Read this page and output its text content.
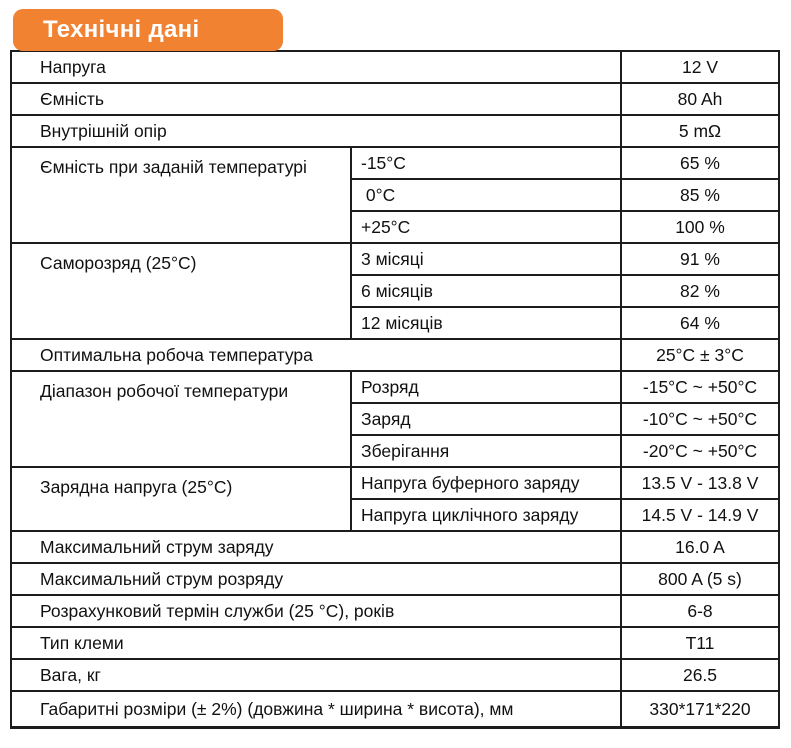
Технічні дані
Напруга		12 V
Ємність		80 Ah
Внутрішній опір		5 mΩ
Ємність при заданій температурі	-15°C	65 %
	0°C	85 %
	+25°C	100 %
Саморозряд (25°C)	3 місяці	91 %
	6 місяців	82 %
	12 місяців	64 %
Оптимальна робоча температура		25°C ± 3°C
Діапазон робочої температури	Розряд	-15°C ~ +50°C
	Заряд	-10°C ~ +50°C
	Зберігання	-20°C ~ +50°C
Зарядна напруга (25°C)	Напруга буферного заряду	13.5 V - 13.8 V
	Напруга циклічного заряду	14.5 V - 14.9 V
Максимальний струм заряду		16.0 A
Максимальний струм розряду		800 A (5 s)
Розрахунковий термін служби (25 °C), років		6-8
Тип клеми		T11
Вага, кг		26.5
Габаритні розміри (± 2%) (довжина * ширина * висота), мм		330*171*220
